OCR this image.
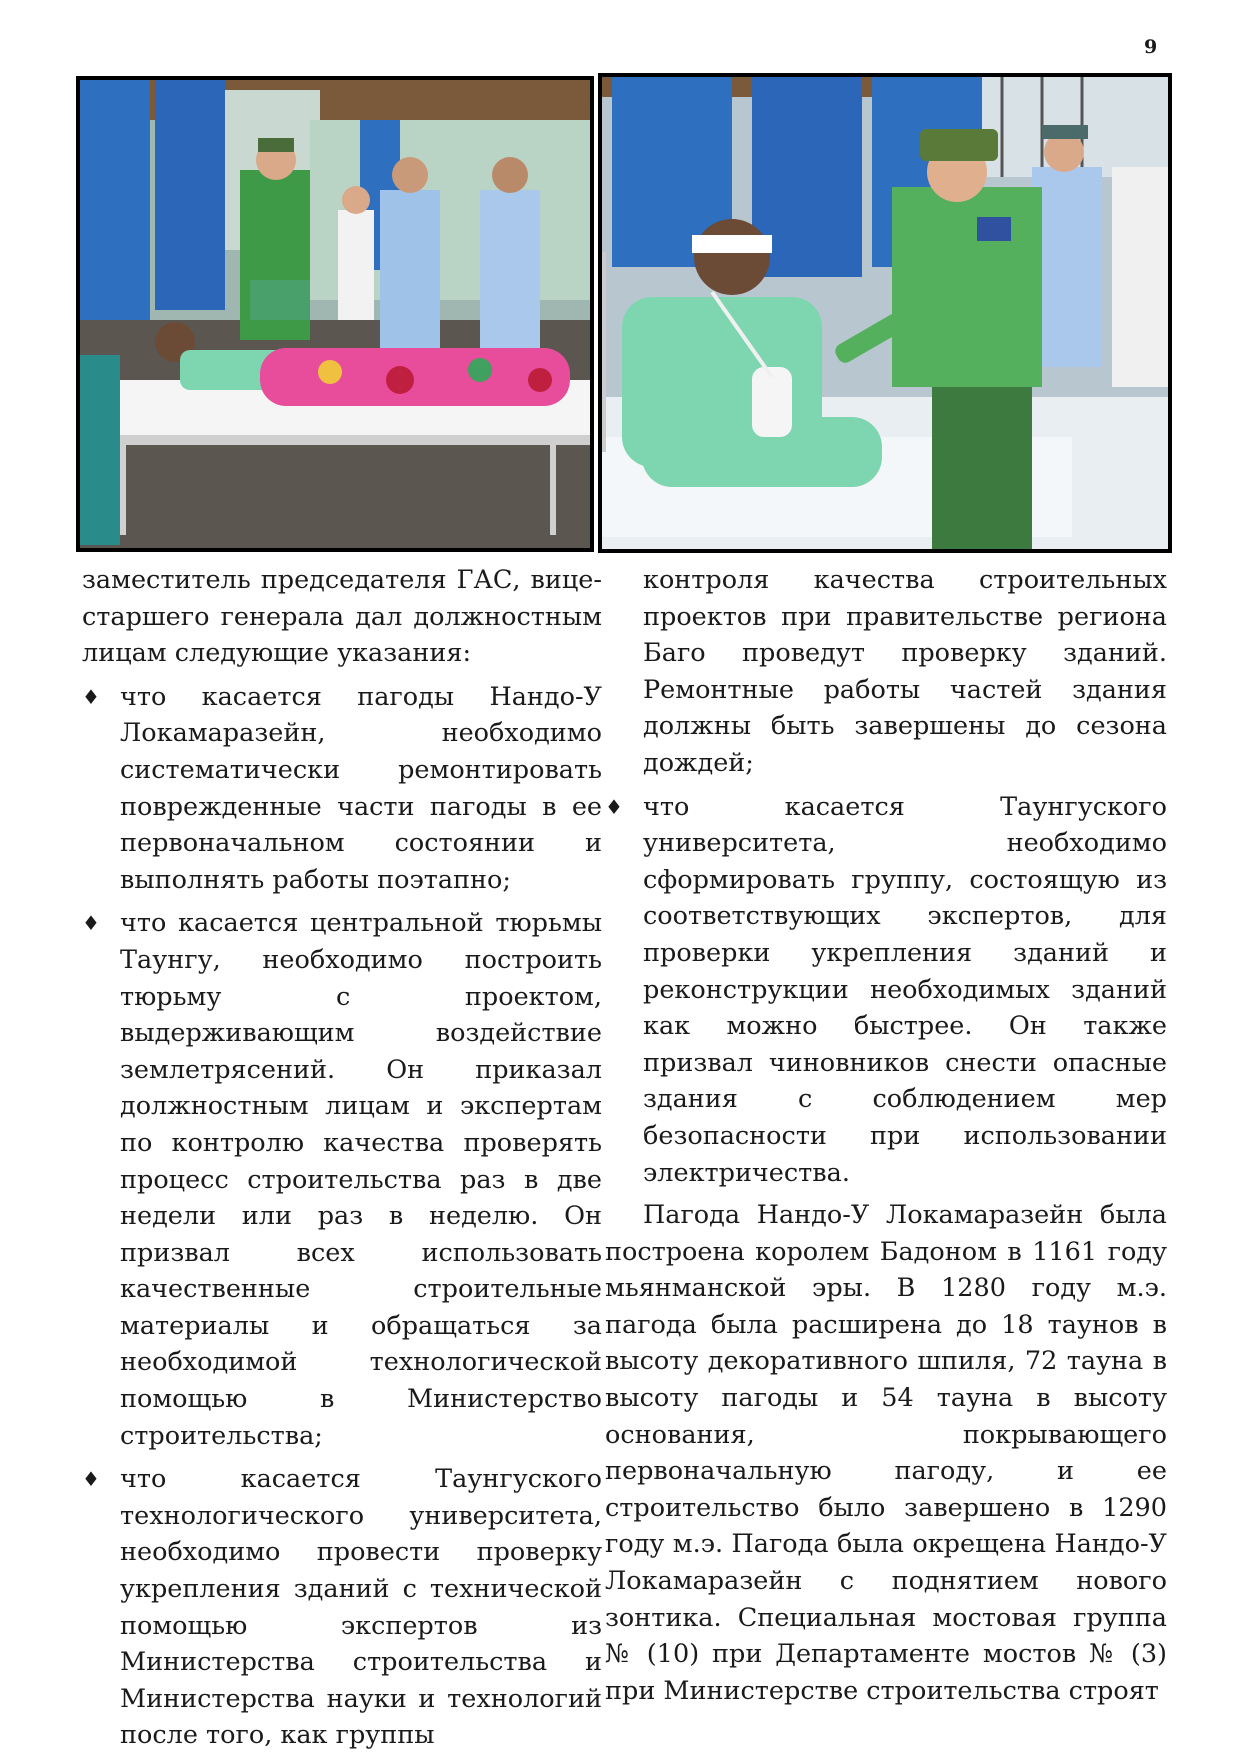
9

заместитель председателя ГАС, вице-старшего генерала дал должностным лицам следующие указания:

♦ что касается пагоды Нандо-У Локамаразейн, необходимо систематически ремонтировать поврежденные части пагоды в ее первоначальном состоянии и выполнять работы поэтапно;
♦ что касается центральной тюрьмы Таунгу, необходимо построить тюрьму с проектом, выдерживающим воздействие землетрясений. Он приказал должностным лицам и экспертам по контролю качества проверять процесс строительства раз в две недели или раз в неделю. Он призвал всех использовать качественные строительные материалы и обращаться за необходимой технологической помощью в Министерство строительства;
♦ что касается Таунгуского технологического университета, необходимо провести проверку укрепления зданий с технической помощью экспертов из Министерства строительства и Министерства науки и технологий после того, как группы

контроля качества строительных проектов при правительстве региона Баго проведут проверку зданий. Ремонтные работы частей здания должны быть завершены до сезона дождей;

♦ что касается Таунгуского университета, необходимо сформировать группу, состоящую из соответствующих экспертов, для проверки укрепления зданий и реконструкции необходимых зданий как можно быстрее. Он также призвал чиновников снести опасные здания с соблюдением мер безопасности при использовании электричества.

Пагода Нандо-У Локамаразейн была построена королем Бадоном в 1161 году мьянманской эры. В 1280 году м.э. пагода была расширена до 18 таунов в высоту декоративного шпиля, 72 тауна в высоту пагоды и 54 тауна в высоту основания, покрывающего первоначальную пагоду, и ее строительство было завершено в 1290 году м.э. Пагода была окрещена Нандо-У Локамаразейн с поднятием нового зонтика. Специальная мостовая группа № (10) при Департаменте мостов № (3) при Министерстве строительства строят
